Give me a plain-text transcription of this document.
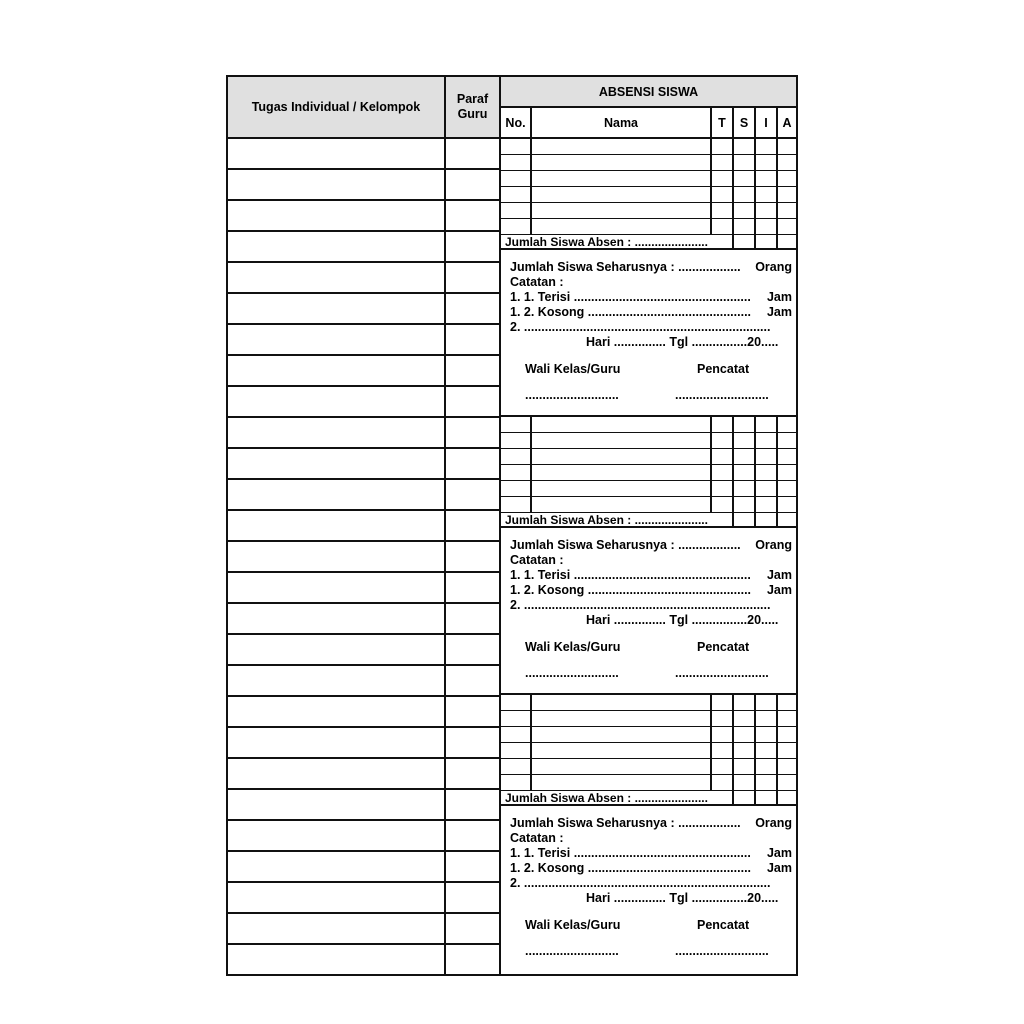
Tugas Individual / Kelompok
Paraf Guru
ABSENSI SISWA
No.	Nama	T	S	I	A
Jumlah Siswa Absen : ......................
Jumlah Siswa Seharusnya : .................. Orang
Catatan :
1. 1. Terisi ................................................... Jam
1. 2. Kosong ............................................... Jam
2. .......................................................................
Hari ............... Tgl ................20.....
Wali Kelas/Guru	Pencatat
...........................	...........................
Jumlah Siswa Absen : ......................
Jumlah Siswa Seharusnya : .................. Orang
Catatan :
1. 1. Terisi ................................................... Jam
1. 2. Kosong ............................................... Jam
2. .......................................................................
Hari ............... Tgl ................20.....
Wali Kelas/Guru	Pencatat
...........................	...........................
Jumlah Siswa Absen : ......................
Jumlah Siswa Seharusnya : .................. Orang
Catatan :
1. 1. Terisi ................................................... Jam
1. 2. Kosong ............................................... Jam
2. .......................................................................
Hari ............... Tgl ................20.....
Wali Kelas/Guru	Pencatat
...........................	...........................
